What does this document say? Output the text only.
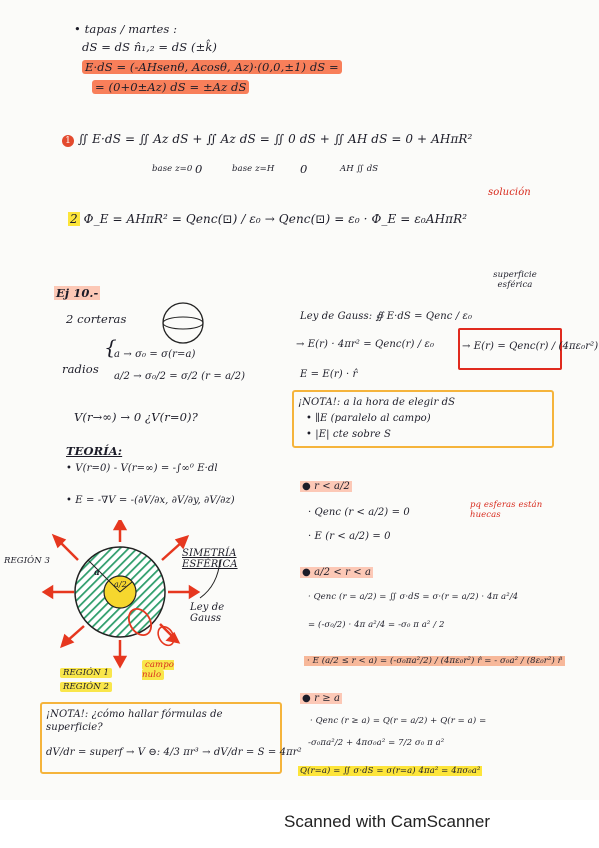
• tapas / martes :
dS = dS n̂₁,₂ = dS (±k̂)
E·dS = (-AHsenθ, Acosθ, Az)·(0,0,±1) dS =
= (0+0±Az) dS = ±Az dS
1 ∬ E·dS = ∬ Az dS + ∬ Az dS = ∬ 0 dS + ∬ AH dS = 0 + AHπR²
base z=0 0	base z=H 0	AH ∬ dS
solución
2 Φ_E = AHπR² = Qenc(⊡) / ε₀ → Qenc(⊡) = ε₀ · Φ_E = ε₀AHπR²
Ej 10.-
2 corteras
radios
{
a → σ₀ = σ(r=a)
a/2 → σ₀/2 = σ/2 (r = a/2)
V(r→∞) → 0 ¿V(r=0)?
TEORÍA:
• V(r=0) - V(r=∞) = -∫∞⁰ E·dl
• E = -∇V = -(∂V/∂x, ∂V/∂y, ∂V/∂z)
a
a/2
REGIÓN 3
SIMETRÍA ESFÉRICA
Ley de Gauss
campo nulo
REGIÓN 1
REGIÓN 2
¡NOTA!: ¿cómo hallar fórmulas de superficie?
dV/dr = superf → V ⊖: 4/3 πr³ → dV/dr = S = 4πr²
superficie esférica
Ley de Gauss: ∯ E·dS = Qenc / ε₀
→ E(r) · 4πr² = Qenc(r) / ε₀	→ E(r) = Qenc(r) / (4πε₀r²)
E = E(r) · r̂
¡NOTA!: a la hora de elegir dS
• ∥E (paralelo al campo)
• |E| cte sobre S
● r < a/2
· Qenc (r < a/2) = 0
pq esferas están huecas
· E (r < a/2) = 0
● a/2 < r < a
· Qenc (r = a/2) = ∬ σ·dS = σ·(r = a/2) · 4π a²/4
= (-σ₀/2) · 4π a²/4 = -σ₀ π a² / 2
· E (a/2 ≤ r < a) = (-σ₀πa²/2) / (4πε₀r²) r̂ = - σ₀a² / (8ε₀r²) r̂
● r ≥ a
· Qenc (r ≥ a) = Q(r = a/2) + Q(r = a) =
-σ₀πa²/2 + 4πσ₀a² = 7/2 σ₀ π a²
Q(r=a) = ∬ σ·dS = σ(r=a) 4πa² = 4πσ₀a²
Scanned with CamScanner
